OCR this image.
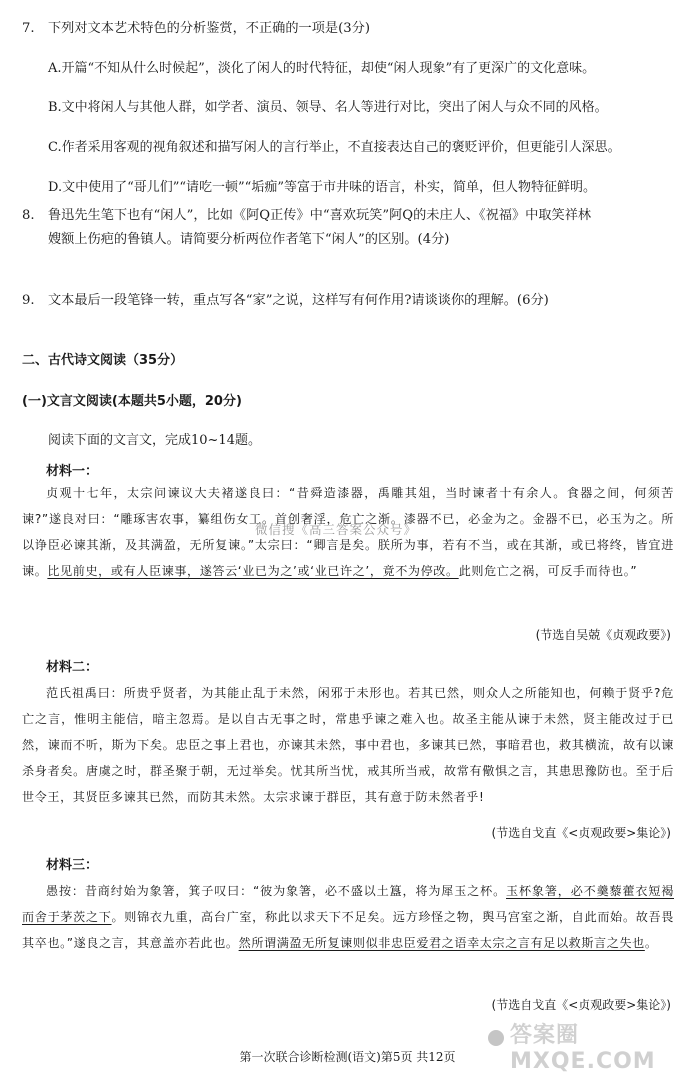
7. 下列对文本艺术特色的分析鉴赏，不正确的一项是(3分)
A.开篇“不知从什么时候起”，淡化了闲人的时代特征，却使“闲人现象”有了更深广的文化意味。
B.文中将闲人与其他人群，如学者、演员、领导、名人等进行对比，突出了闲人与众不同的风格。
C.作者采用客观的视角叙述和描写闲人的言行举止，不直接表达自己的褒贬评价，但更能引人深思。
D.文中使用了“哥儿们”“请吃一顿”“垢痂”等富于市井味的语言，朴实，简单，但人物特征鲜明。
8. 鲁迅先生笔下也有“闲人”，比如《阿Q正传》中“喜欢玩笑”阿Q的未庄人、《祝福》中取笑祥林
嫂额上伤疤的鲁镇人。请简要分析两位作者笔下“闲人”的区别。(4分)
9. 文本最后一段笔锋一转，重点写各“家”之说，这样写有何作用?请谈谈你的理解。(6分)
二、古代诗文阅读（35分）
(一)文言文阅读(本题共5小题，20分)
阅读下面的文言文，完成10~14题。
材料一：
贞观十七年，太宗问谏议大夫褚遂良曰：“昔舜造漆器，禹雕其俎，当时谏者十有余人。食器之间，何须苦谏?”遂良对曰：“雕琢害农事，纂组伤女工。首创奢淫，危亡之渐。漆器不已，必金为之。金器不已，必玉为之。所以诤臣必谏其渐，及其满盈，无所复谏。”太宗曰：“卿言是矣。朕所为事，若有不当，或在其渐，或已将终，皆宜进谏。比见前史，或有人臣谏事，遂答云‘业已为之’或‘业已许之’，竟不为停改。此则危亡之祸，可反手而待也。”
(节选自吴兢《贞观政要》)
材料二：
范氏祖禹曰：所贵乎贤者，为其能止乱于未然，闲邪于未形也。若其已然，则众人之所能知也，何赖于贤乎?危亡之言，惟明主能信，暗主忽焉。是以自古无事之时，常患乎谏之难入也。故圣主能从谏于未然，贤主能改过于已然，谏而不听，斯为下矣。忠臣之事上君也，亦谏其未然，事中君也，多谏其已然，事暗君也，救其横流，故有以谏杀身者矣。唐虞之时，群圣聚于朝，无过举矣。忧其所当忧，戒其所当戒，故常有儆惧之言，其患思豫防也。至于后世令王，其贤臣多谏其已然，而防其未然。太宗求谏于群臣，其有意于防未然者乎!
(节选自戈直《<贞观政要>集论》)
材料三：
愚按：昔商纣始为象箸，箕子叹曰：“彼为象箸，必不盛以土簋，将为犀玉之杯。玉杯象箸，必不羹藜藿衣短褐而舍于茅茨之下。则锦衣九重，高台广室，称此以求天下不足矣。远方珍怪之物，舆马宫室之渐，自此而始。故吾畏其卒也。”遂良之言，其意盖亦若此也。然所谓满盈无所复谏则似非忠臣爱君之语幸太宗之言有足以救斯言之失也。
(节选自戈直《<贞观政要>集论》)
微信搜《高三答案公众号》
答案圈 MXQE.COM
第一次联合诊断检测(语文)第5页 共12页
